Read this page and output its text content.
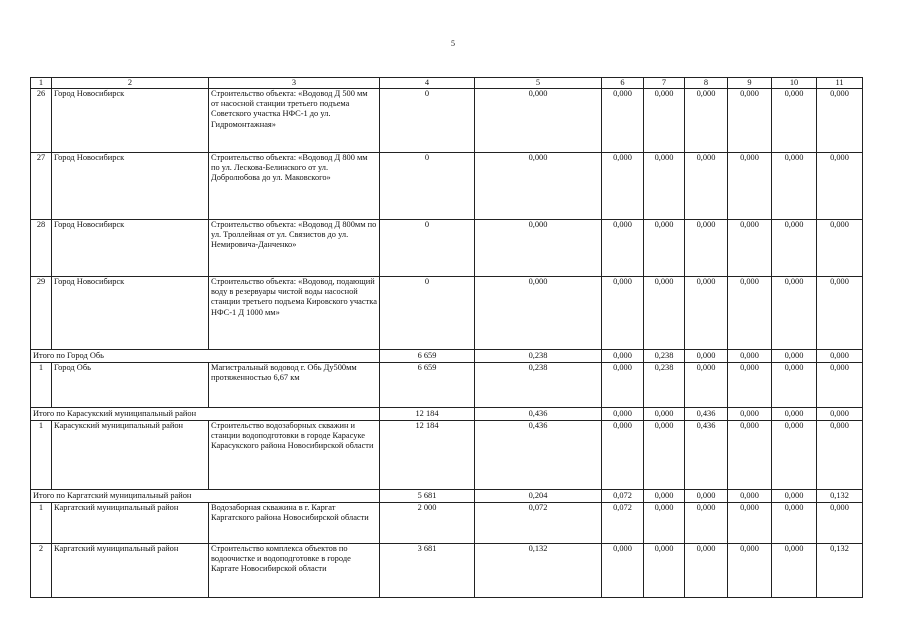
5
1	2	3	4	5	6	7	8	9	10	11
26	Город Новосибирск	Строительство объекта: «Водовод Д 500 мм от насосной станции третьего подъема Советского участка НФС-1 до ул. Гидромонтажная»	0	0,000	0,000	0,000	0,000	0,000	0,000	0,000
27	Город Новосибирск	Строительство объекта: «Водовод Д 800 мм по ул. Лескова-Белинского от ул. Добролюбова до ул. Маковского»	0	0,000	0,000	0,000	0,000	0,000	0,000	0,000
28	Город Новосибирск	Строительство объекта: «Водовод Д 800мм по ул. Троллейная от ул. Связистов до ул. Немировича-Данченко»	0	0,000	0,000	0,000	0,000	0,000	0,000	0,000
29	Город Новосибирск	Строительство объекта: «Водовод, подающий воду в резервуары чистой воды насосной станции третьего подъема Кировского участка НФС-1 Д 1000 мм»	0	0,000	0,000	0,000	0,000	0,000	0,000	0,000
Итого по Город Обь			6 659	0,238	0,000	0,238	0,000	0,000	0,000	0,000
1	Город Обь	Магистральный водовод г. Обь Ду500мм протяженностью 6,67 км	6 659	0,238	0,000	0,238	0,000	0,000	0,000	0,000
Итого по Карасукский муниципальный район			12 184	0,436	0,000	0,000	0,436	0,000	0,000	0,000
1	Карасукский муниципальный район	Строительство водозаборных скважин и станции водоподготовки в городе Карасуке Карасукского района Новосибирской области	12 184	0,436	0,000	0,000	0,436	0,000	0,000	0,000
Итого по Каргатский муниципальный район			5 681	0,204	0,072	0,000	0,000	0,000	0,000	0,132
1	Каргатский муниципальный район	Водозаборная скважина в г. Каргат Каргатского района Новосибирской области	2 000	0,072	0,072	0,000	0,000	0,000	0,000	0,000
2	Каргатский муниципальный район	Строительство комплекса объектов по водоочистке и водоподготовке в городе Каргате Новосибирской области	3 681	0,132	0,000	0,000	0,000	0,000	0,000	0,132
